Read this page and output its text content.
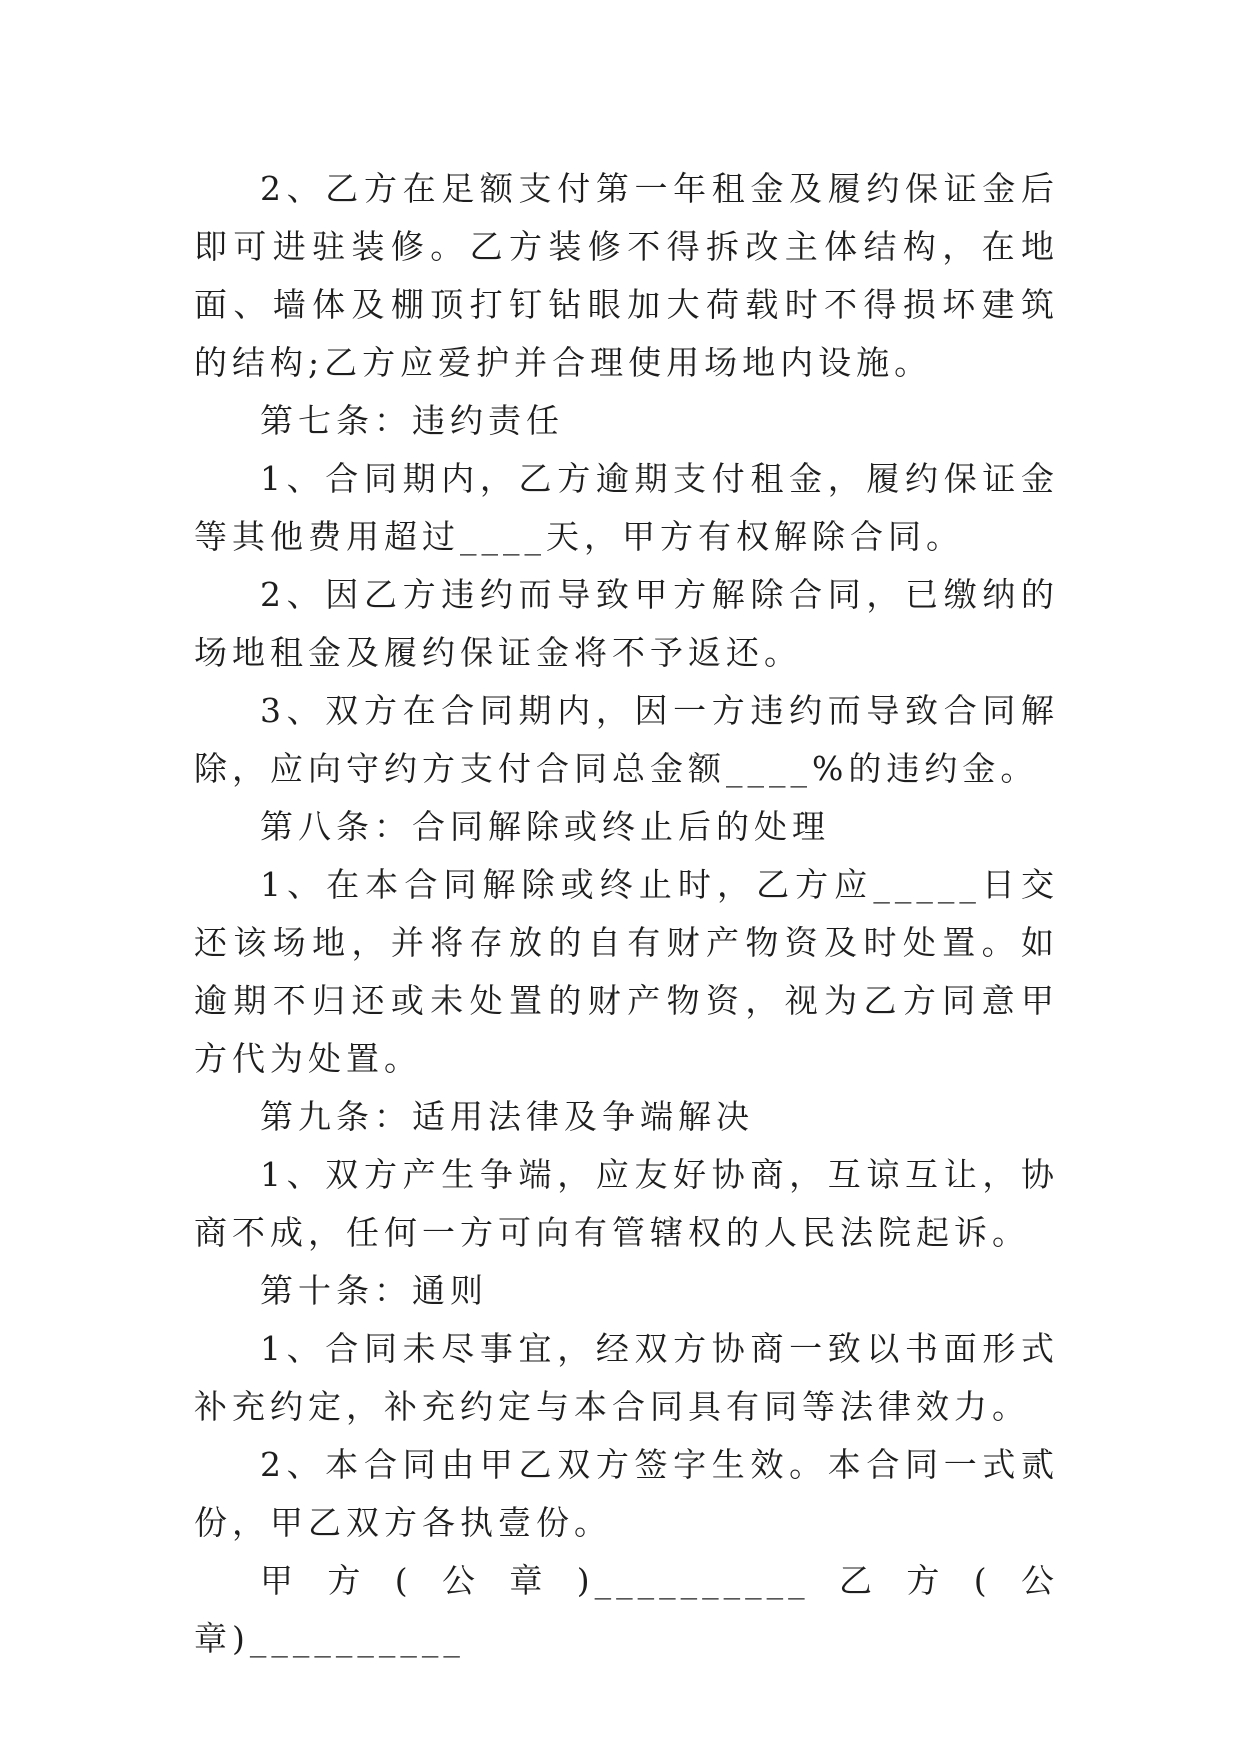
2、乙方在足额支付第一年租金及履约保证金后即可进驻装修。乙方装修不得拆改主体结构，在地面、墙体及棚顶打钉钻眼加大荷载时不得损坏建筑的结构;乙方应爱护并合理使用场地内设施。

第七条：违约责任

1、合同期内，乙方逾期支付租金，履约保证金等其他费用超过____天，甲方有权解除合同。

2、因乙方违约而导致甲方解除合同，已缴纳的场地租金及履约保证金将不予返还。

3、双方在合同期内，因一方违约而导致合同解除，应向守约方支付合同总金额____%的违约金。

第八条：合同解除或终止后的处理

1、在本合同解除或终止时，乙方应_____日交还该场地，并将存放的自有财产物资及时处置。如逾期不归还或未处置的财产物资，视为乙方同意甲方代为处置。

第九条：适用法律及争端解决

1、双方产生争端，应友好协商，互谅互让，协商不成，任何一方可向有管辖权的人民法院起诉。

第十条：通则

1、合同未尽事宜，经双方协商一致以书面形式补充约定，补充约定与本合同具有同等法律效力。

2、本合同由甲乙双方签字生效。本合同一式贰份，甲乙双方各执壹份。

甲方(公章)__________乙方(公章)__________
